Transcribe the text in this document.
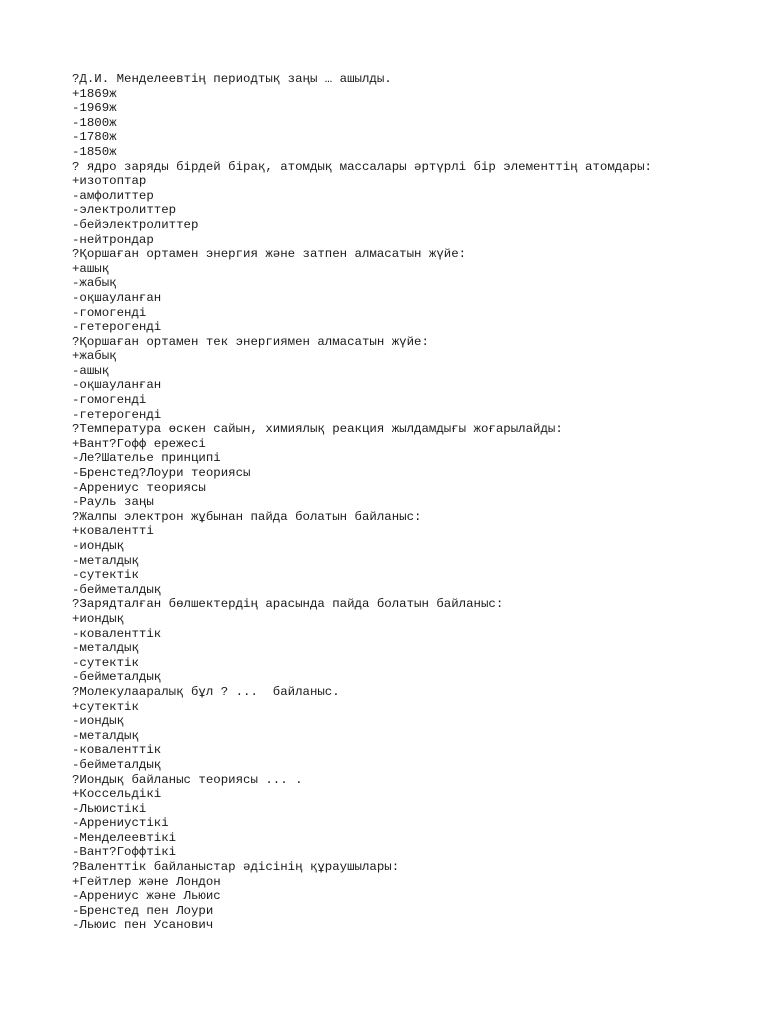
?Д.И. Менделеевтің периодтық заңы … ашылды.
+1869ж
-1969ж
-1800ж
-1780ж
-1850ж
? ядро заряды бірдей бірақ, атомдық массалары әртүрлі бір элементтің атомдары:
+изотоптар
-амфолиттер
-электролиттер
-бейэлектролиттер
-нейтрондар
?Қоршаған ортамен энергия және затпен алмасатын жүйе:
+ашық
-жабық
-оқшауланған
-гомогенді
-гетерогенді
?Қоршаған ортамен тек энергиямен алмасатын жүйе:
+жабық
-ашық
-оқшауланған
-гомогенді
-гетерогенді
?Температура өскен сайын, химиялық реакция жылдамдығы жоғарылайды:
+Вант?Гофф ережесі
-Ле?Шателье принципі
-Бренстед?Лоури теориясы
-Аррениус теориясы
-Рауль заңы
?Жалпы электрон жұбынан пайда болатын байланыс:
+ковалентті
-иондық
-металдық
-сутектік
-бейметалдық
?Зарядталған бөлшектердің арасында пайда болатын байланыс:
+иондық
-коваленттік
-металдық
-сутектік
-бейметалдық
?Молекулааралық бұл ? ...  байланыс.
+сутектік
-иондық
-металдық
-коваленттік
-бейметалдық
?Иондық байланыс теориясы ... .
+Коссельдікі
-Льюистікі
-Аррениустікі
-Менделеевтікі
-Вант?Гоффтікі
?Валенттік байланыстар әдісінің құраушылары:
+Гейтлер және Лондон
-Аррениус және Льюис
-Бренстед пен Лоури
-Льюис пен Усанович
